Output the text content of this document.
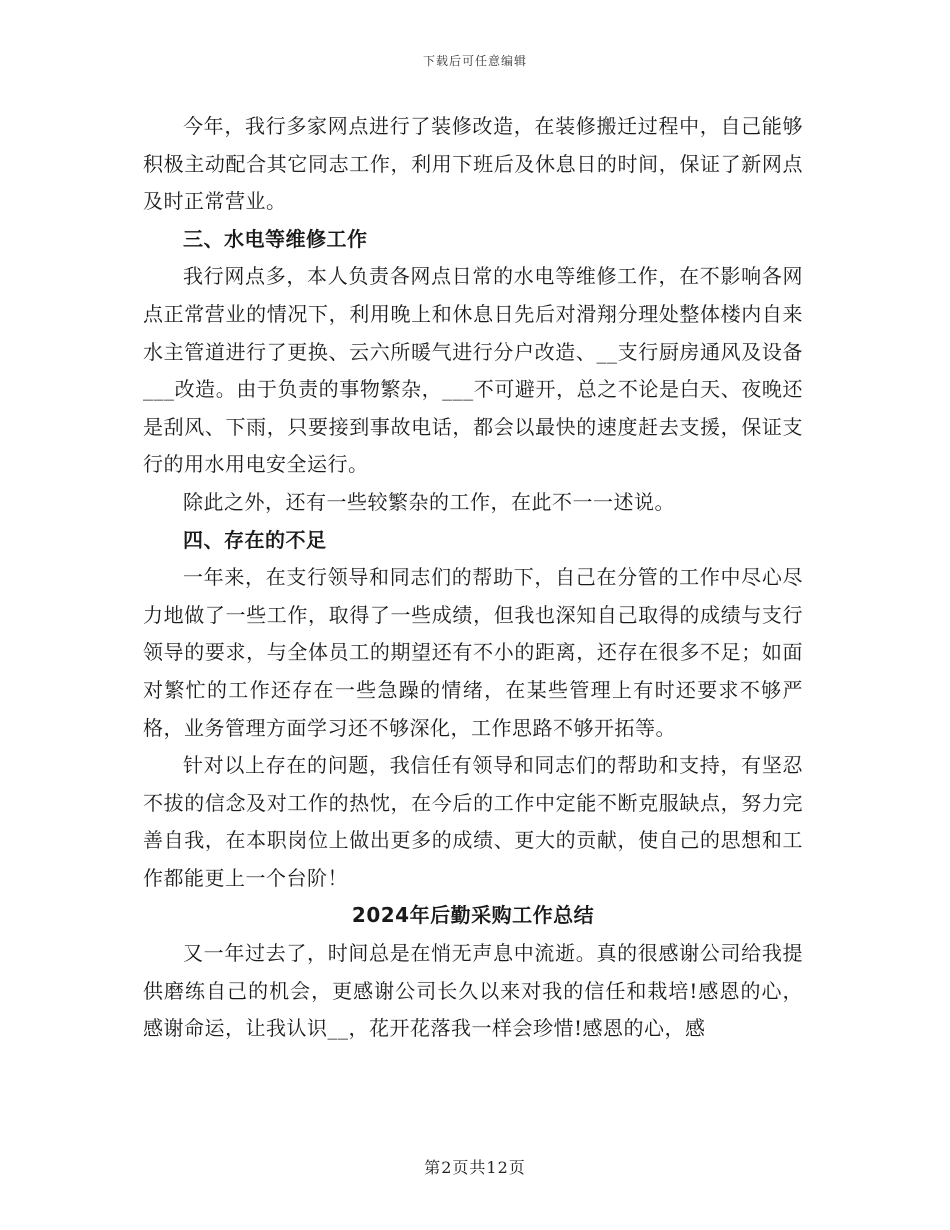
下载后可任意编辑

今年，我行多家网点进行了装修改造，在装修搬迁过程中，自己能够积极主动配合其它同志工作，利用下班后及休息日的时间，保证了新网点及时正常营业。

三、水电等维修工作

我行网点多，本人负责各网点日常的水电等维修工作，在不影响各网点正常营业的情况下，利用晚上和休息日先后对滑翔分理处整体楼内自来水主管道进行了更换、云六所暖气进行分户改造、__支行厨房通风及设备___改造。由于负责的事物繁杂，___不可避开，总之不论是白天、夜晚还是刮风、下雨，只要接到事故电话，都会以最快的速度赶去支援，保证支行的用水用电安全运行。

除此之外，还有一些较繁杂的工作，在此不一一述说。

四、存在的不足

一年来，在支行领导和同志们的帮助下，自己在分管的工作中尽心尽力地做了一些工作，取得了一些成绩，但我也深知自己取得的成绩与支行领导的要求，与全体员工的期望还有不小的距离，还存在很多不足；如面对繁忙的工作还存在一些急躁的情绪，在某些管理上有时还要求不够严格，业务管理方面学习还不够深化，工作思路不够开拓等。

针对以上存在的问题，我信任有领导和同志们的帮助和支持，有坚忍不拔的信念及对工作的热忱，在今后的工作中定能不断克服缺点，努力完善自我，在本职岗位上做出更多的成绩、更大的贡献，使自己的思想和工作都能更上一个台阶！

2024年后勤采购工作总结

又一年过去了，时间总是在悄无声息中流逝。真的很感谢公司给我提供磨练自己的机会，更感谢公司长久以来对我的信任和栽培!感恩的心，感谢命运，让我认识__，花开花落我一样会珍惜!感恩的心，感

第2页共12页
